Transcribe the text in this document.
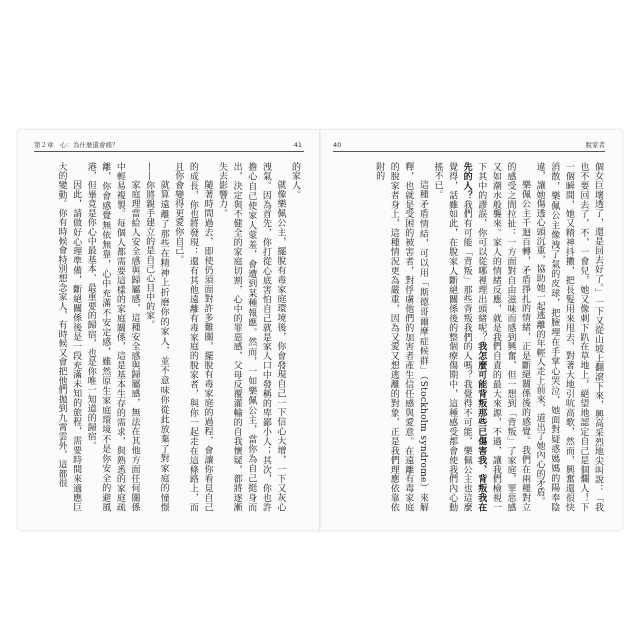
第２章　心：為什麼還會痛？	41

的家人。

就像樂佩公主，擺脫有毒家庭環境後，你會發現自己一下信心大增，一下又灰心洩氣。因為首先，你打從心底害怕自己就是家人口中發稱的卑鄙小人；其次，你也許擔心自己使家人蒙羞，會遭到某種報應。然而，一如樂佩公主，當你為自己挺身而出，決定與不健全的家庭切割，心中的罪惡感，父母反覆灌輸的自我懷疑，都將逐漸失去影響力。

隨著時間過去，即使仍須面對許多難關，擺脫有毒家庭的過程，會讓你看見自己的成長，你也將發現：還有其他遠離有毒家庭的脫家者，與你一起走在這條路上，而且你會變得更愛你自己。

就算遠離了那些在精神上折磨你的家人，並不意味你從此放棄了對家庭的憧憬——你將親手建立的是自己心目中的家。

家庭理當給人安全感與歸屬感，這種安全感與歸屬感，無法在其他方面任何關係中輕易複製。每個人都需要這樣的家庭關係，這是基本生存的需求，與熟悉的家庭疏離，你會感覺無依無靠，心中充滿不安定感，雖然原生家庭環境不是你安全的避風港，但畢竟是你心中最基本、最重要的歸宿，也是你唯一知道的歸宿。

因此，請做好心理準備，斷絕關係後是一段充滿未知的旅程，需要時間來適應巨大的變動。你有時候會特別想念家人，有時候又會把他們拋到九霄雲外，這都很

40	脫家者

個女巨壞透了，還是回去好了。」一下又從山坡上翻滾下來，興高采烈地尖叫說：「我也不要回去了，不，一會兒，她又像刺下趴在草地上，絕望地認定自己是個爛人！下一個瞬間，她又精神抖擻，把長髮用來甩去，對著大地引吭高歌，然而，興奮還很快消散，樂佩公主像洩了氣的皮球，把臉埋在手掌心哭泣，她面對疑惑媽媽的陽奉陰違，讓她傷透心頭沉重，協助她一起逃離的年輕人走上前來，道出了她內心的矛盾。

樂佩公主千迴百轉，矛盾掙扎的情緒，正是斷絕關係後的感覺。我們在兩種對立的感受之間拉扯：一方面對自由滋味而感到興奮，但一想到「背叛」了家庭，罪惡感又如潮水般襲來。家人的情緒反應，就是我們自責的最大來源，不過，讓我們檢視一下其中的謬誤，你可以從哪裡理出頭緒呢？我怎麼可能背叛那些已傷害我、背叛我在先的人？我們有可能「背叛」那些背叛我們的人嗎？我覺得不可能，樂佩公主也這麼覺得，話雖如此，在脫家人斷絕關係後的整個療傷期中，這種感受都會使我們內心動搖不已。

這種矛盾情結，可以用「斯德哥爾摩症候群」（Stockholm syndrome）來解釋，也就是受困的被害者，對俘虜他們的加害者產生信任感與愛意。在遠離有毒家庭的脫家者身上，這種情況更為嚴重，因為又愛又想逃離的對象，正是我們理應依靠依附的
